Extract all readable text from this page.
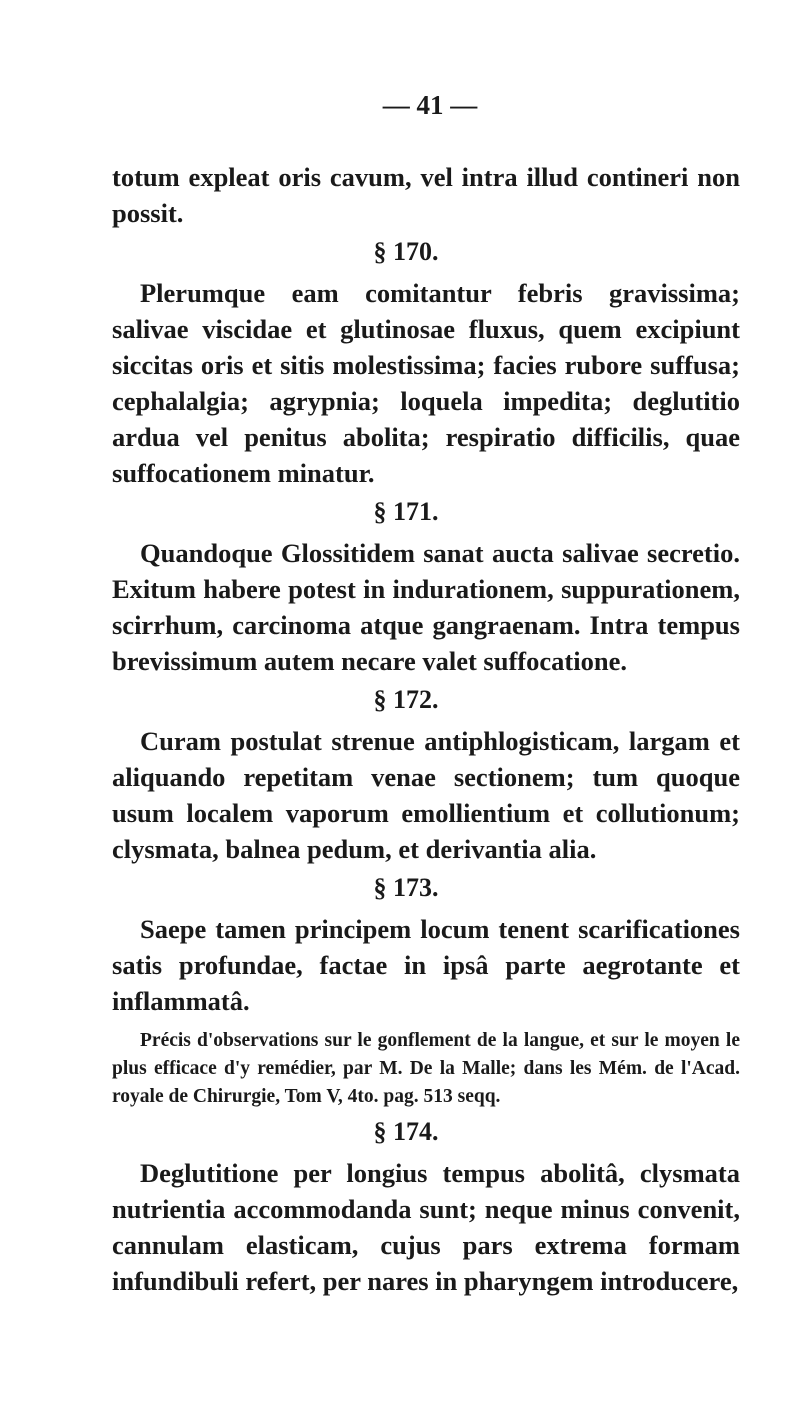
— 41 —

totum expleat oris cavum, vel intra illud contineri non possit.

§ 170.

Plerumque eam comitantur febris gravissima; salivae viscidae et glutinosae fluxus, quem excipiunt siccitas oris et sitis molestissima; facies rubore suffusa; cephalalgia; agrypnia; loquela impedita; deglutitio ardua vel penitus abolita; respiratio difficilis, quae suffocationem minatur.

§ 171.

Quandoque Glossitidem sanat aucta salivae secretio. Exitum habere potest in indurationem, suppurationem, scirrhum, carcinoma atque gangraenam. Intra tempus brevissimum autem necare valet suffocatione.

§ 172.

Curam postulat strenue antiphlogisticam, largam et aliquando repetitam venae sectionem; tum quoque usum localem vaporum emollientium et collutionum; clysmata, balnea pedum, et derivantia alia.

§ 173.

Saepe tamen principem locum tenent scarificationes satis profundae, factae in ipsâ parte aegrotante et inflammatâ.

Précis d'observations sur le gonflement de la langue, et sur le moyen le plus efficace d'y remédier, par M. De la Malle; dans les Mém. de l'Acad. royale de Chirurgie, Tom V, 4to. pag. 513 seqq.

§ 174.

Deglutitione per longius tempus abolitâ, clysmata nutrientia accommodanda sunt; neque minus convenit, cannulam elasticam, cujus pars extrema formam infundibuli refert, per nares in pharyngem introducere,
